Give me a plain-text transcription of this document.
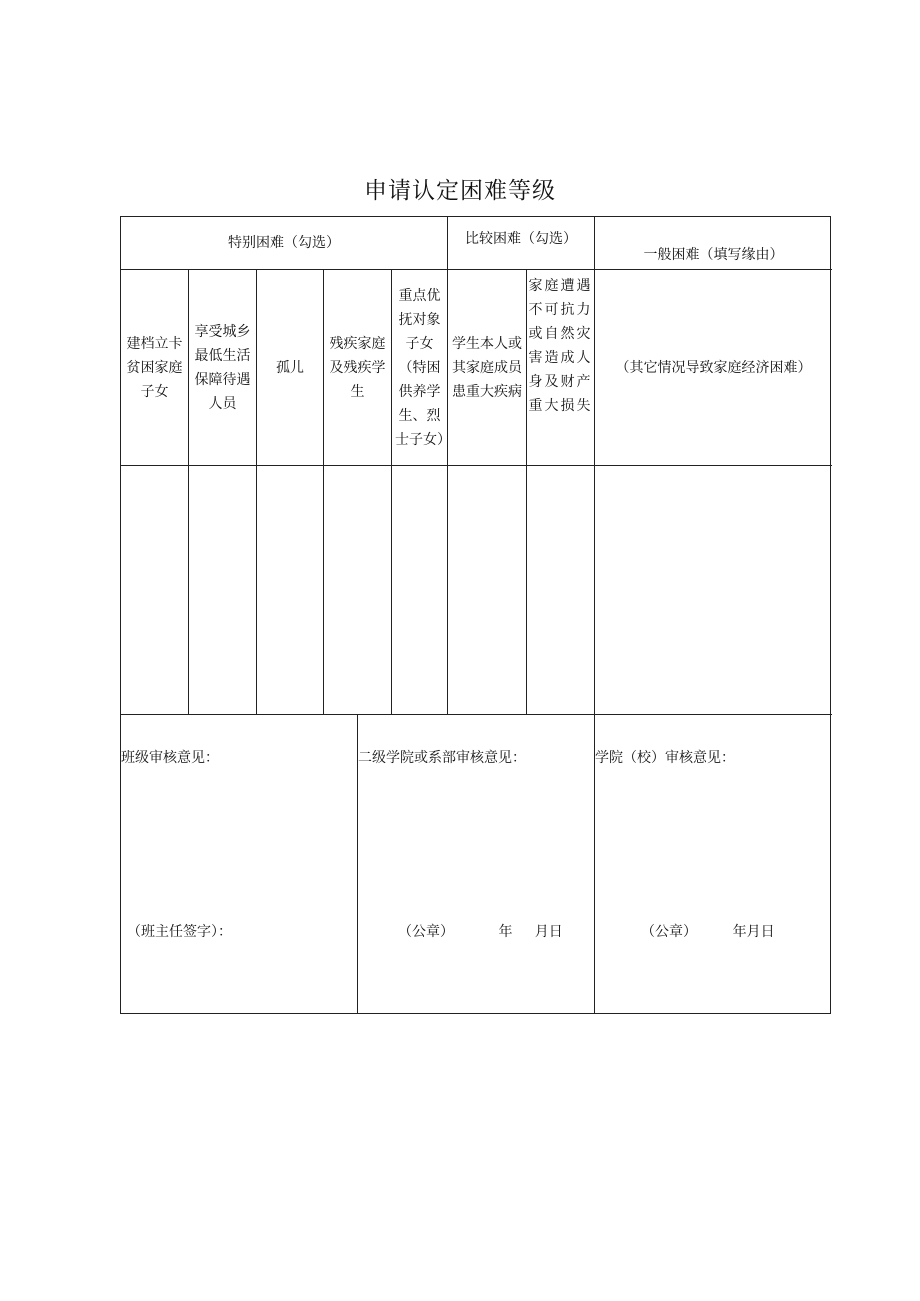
申请认定困难等级
特别困难（勾选）	比较困难（勾选）
一般困难（填写缘由）
建档立卡贫困家庭子女
享受城乡最低生活保障待遇人员
孤儿
残疾家庭及残疾学生
重点优抚对象子女（特困供养学生、烈士子女）
学生本人或其家庭成员患重大疾病
家庭遭遇不可抗力或自然灾害造成人身及财产重大损失
（其它情况导致家庭经济困难）
班级审核意见：
（班主任签字）：
二级学院或系部审核意见：
（公章）          年     月日
学院（校）审核意见：
（公章）        年月日
